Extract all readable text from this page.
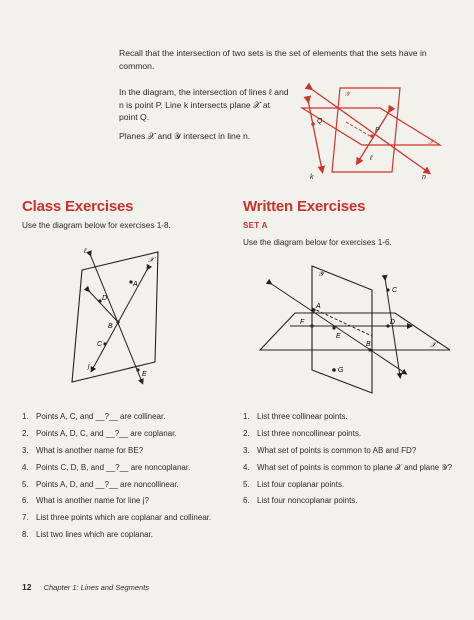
Recall that the intersection of two sets is the set of elements that the sets have in common.

In the diagram, the intersection of lines ℓ and n is point P. Line k intersects plane 𝒳 at point Q.

Planes 𝒳 and 𝒴 intersect in line n.

𝒴
Q
P
𝒳
ℓ
k	n
Class Exercises
Use the diagram below for exercises 1-8.
ℓ
𝒳
A
D
B
C
j
E
1. Points A, C, and __?__ are collinear.
2. Points A, D, C, and __?__ are coplanar.
3. What is another name for BE?
4. Points C, D, B, and __?__ are noncoplanar.
5. Points A, D, and __?__ are noncollinear.
6. What is another name for line j?
7. List three points which are coplanar and collinear.
8. List two lines which are coplanar.
Written Exercises
SET A
Use the diagram below for exercises 1-6.
𝒴
C
A
F	D
E
B	𝒳
G
1. List three collinear points.
2. List three noncollinear points.
3. What set of points is common to AB and FD?
4. What set of points is common to plane 𝒳 and plane 𝒴?
5. List four coplanar points.
6. List four noncoplanar points.
12 Chapter 1: Lines and Segments
